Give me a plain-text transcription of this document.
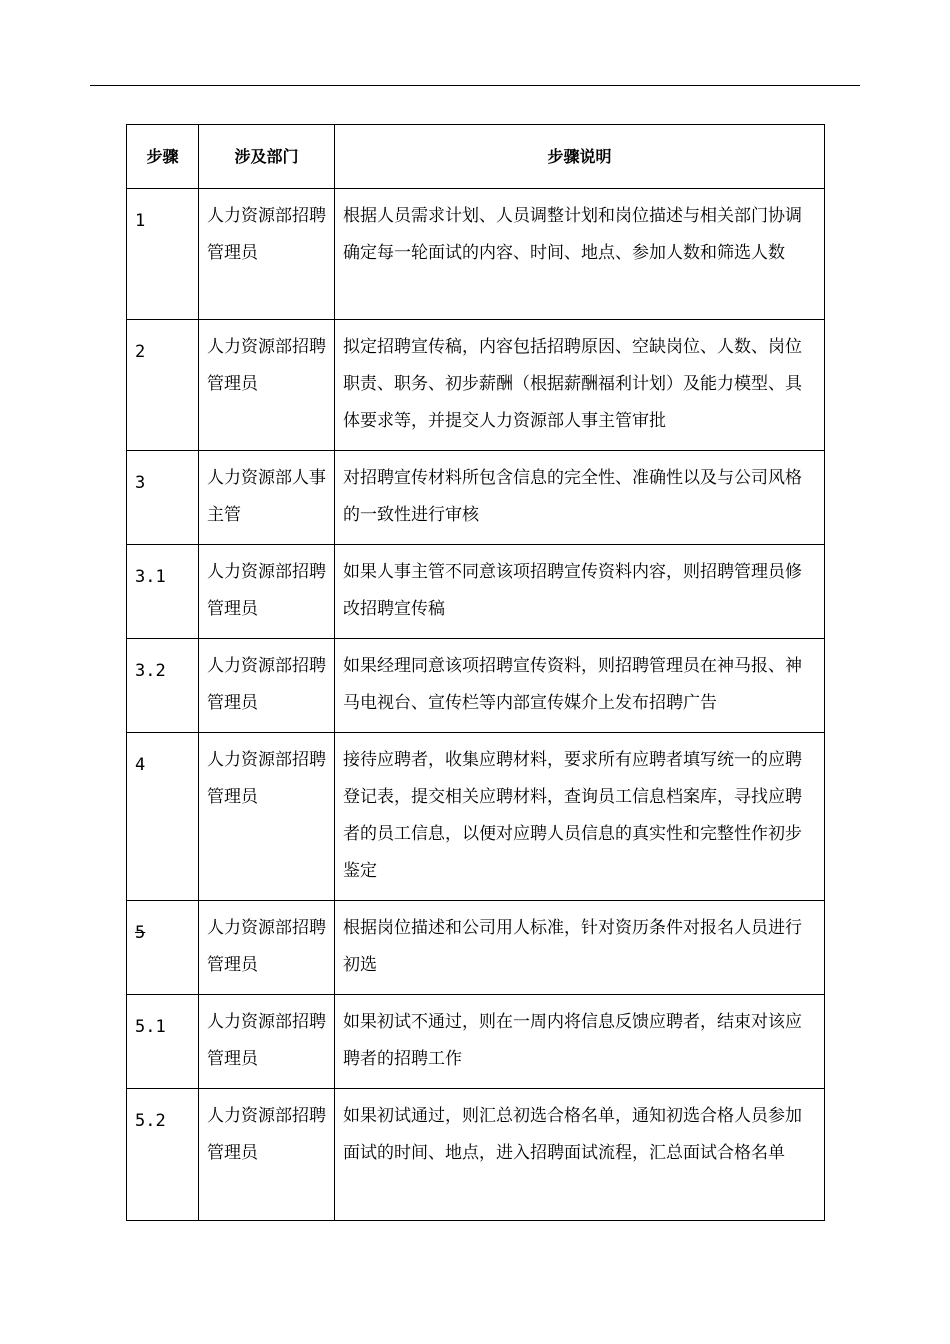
步骤	涉及部门	步骤说明
1	人力资源部招聘管理员	根据人员需求计划、人员调整计划和岗位描述与相关部门协调确定每一轮面试的内容、时间、地点、参加人数和筛选人数
2	人力资源部招聘管理员	拟定招聘宣传稿，内容包括招聘原因、空缺岗位、人数、岗位职责、职务、初步薪酬（根据薪酬福利计划）及能力模型、具体要求等，并提交人力资源部人事主管审批
3	人力资源部人事主管	对招聘宣传材料所包含信息的完全性、准确性以及与公司风格的一致性进行审核
3.1	人力资源部招聘管理员	如果人事主管不同意该项招聘宣传资料内容，则招聘管理员修改招聘宣传稿
3.2	人力资源部招聘管理员	如果经理同意该项招聘宣传资料，则招聘管理员在神马报、神马电视台、宣传栏等内部宣传媒介上发布招聘广告
4	人力资源部招聘管理员	接待应聘者，收集应聘材料，要求所有应聘者填写统一的应聘登记表，提交相关应聘材料，查询员工信息档案库，寻找应聘者的员工信息，以便对应聘人员信息的真实性和完整性作初步鉴定
5	人力资源部招聘管理员	根据岗位描述和公司用人标准，针对资历条件对报名人员进行初选
5.1	人力资源部招聘管理员	如果初试不通过，则在一周内将信息反馈应聘者，结束对该应聘者的招聘工作
5.2	人力资源部招聘管理员	如果初试通过，则汇总初选合格名单，通知初选合格人员参加面试的时间、地点，进入招聘面试流程，汇总面试合格名单
